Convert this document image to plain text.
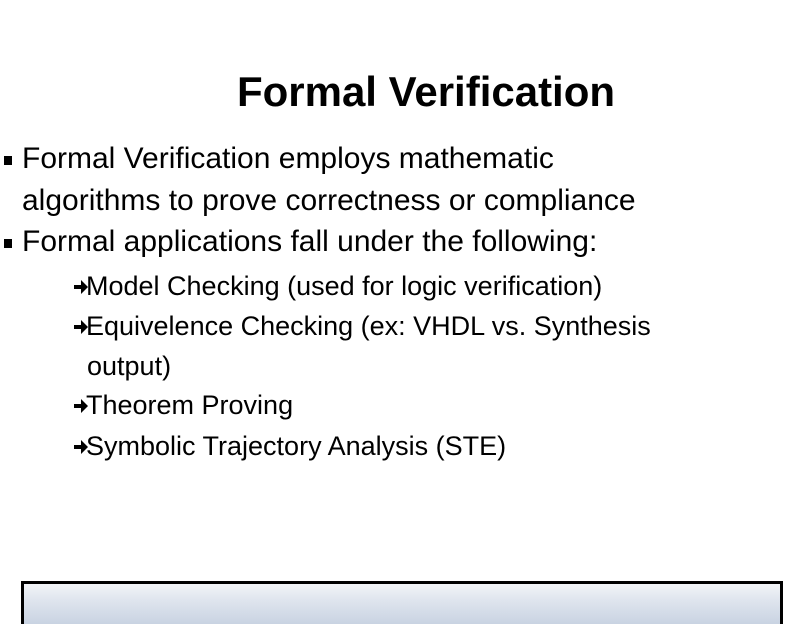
Formal Verification
Formal Verification employs mathematic
algorithms to prove correctness or compliance
Formal applications fall under the following:
Model Checking (used for logic verification)
Equivelence Checking (ex: VHDL vs. Synthesis
output)
Theorem Proving
Symbolic Trajectory Analysis (STE)
